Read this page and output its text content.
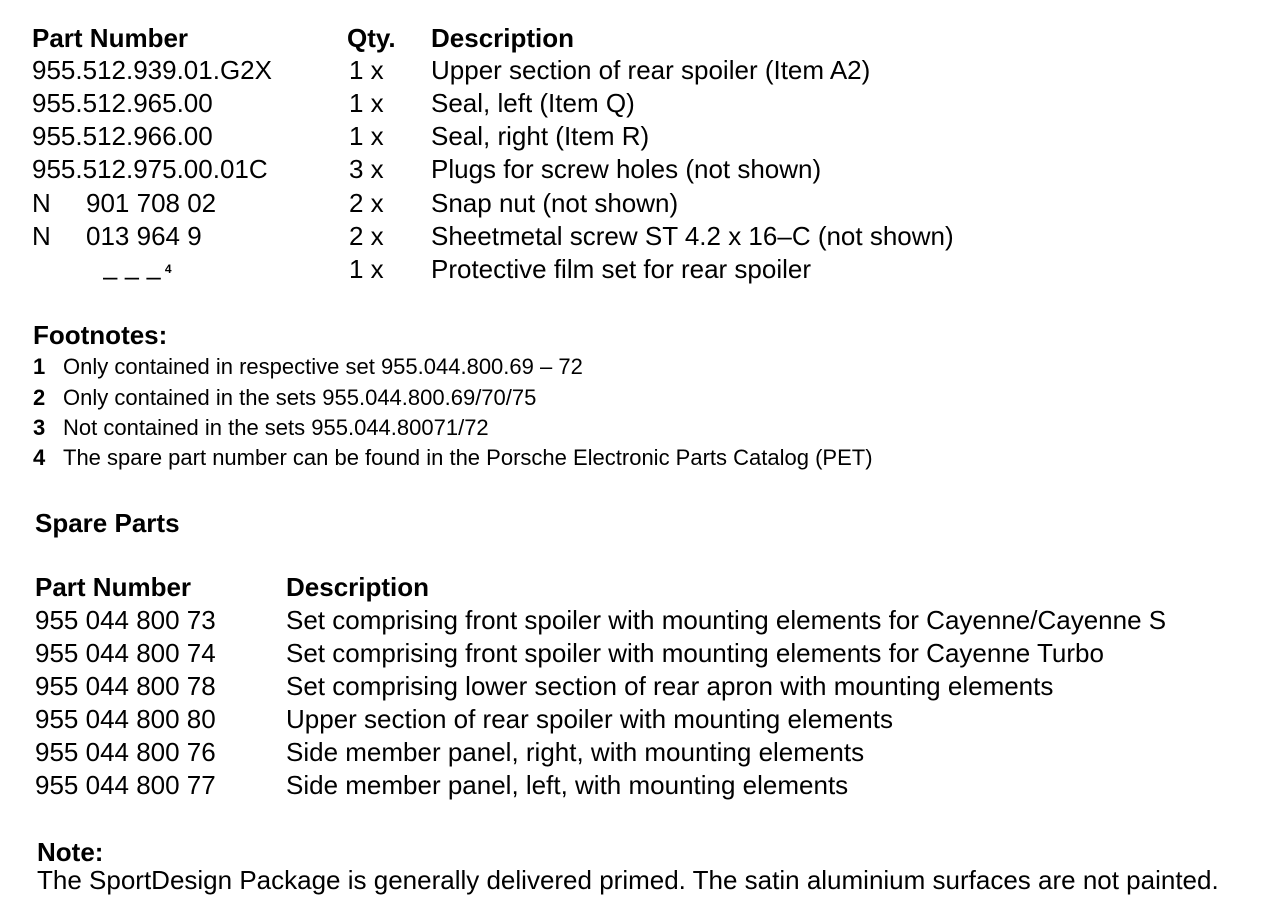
Part Number	Qty. Description
955.512.939.01.G2X	1 x Upper section of rear spoiler (Item A2)
955.512.965.00	1 x Seal, left (Item Q)
955.512.966.00	1 x Seal, right (Item R)
955.512.975.00.01C	3 x Plugs for screw holes (not shown)
N 901 708 02	2 x Snap nut (not shown)
N 013 964 9	2 x Sheetmetal screw ST 4.2 x 16–C (not shown)
– – – $^4$	1 x Protective film set for rear spoiler
Footnotes:
1 Only contained in respective set 955.044.800.69 – 72
2 Only contained in the sets 955.044.800.69/70/75
3 Not contained in the sets 955.044.80071/72
4 The spare part number can be found in the Porsche Electronic Parts Catalog (PET)
Spare Parts
Part Number	Description
955 044 800 73	Set comprising front spoiler with mounting elements for Cayenne/Cayenne S
955 044 800 74	Set comprising front spoiler with mounting elements for Cayenne Turbo
955 044 800 78	Set comprising lower section of rear apron with mounting elements
955 044 800 80	Upper section of rear spoiler with mounting elements
955 044 800 76	Side member panel, right, with mounting elements
955 044 800 77	Side member panel, left, with mounting elements
Note:
The SportDesign Package is generally delivered primed. The satin aluminium surfaces are not painted.
